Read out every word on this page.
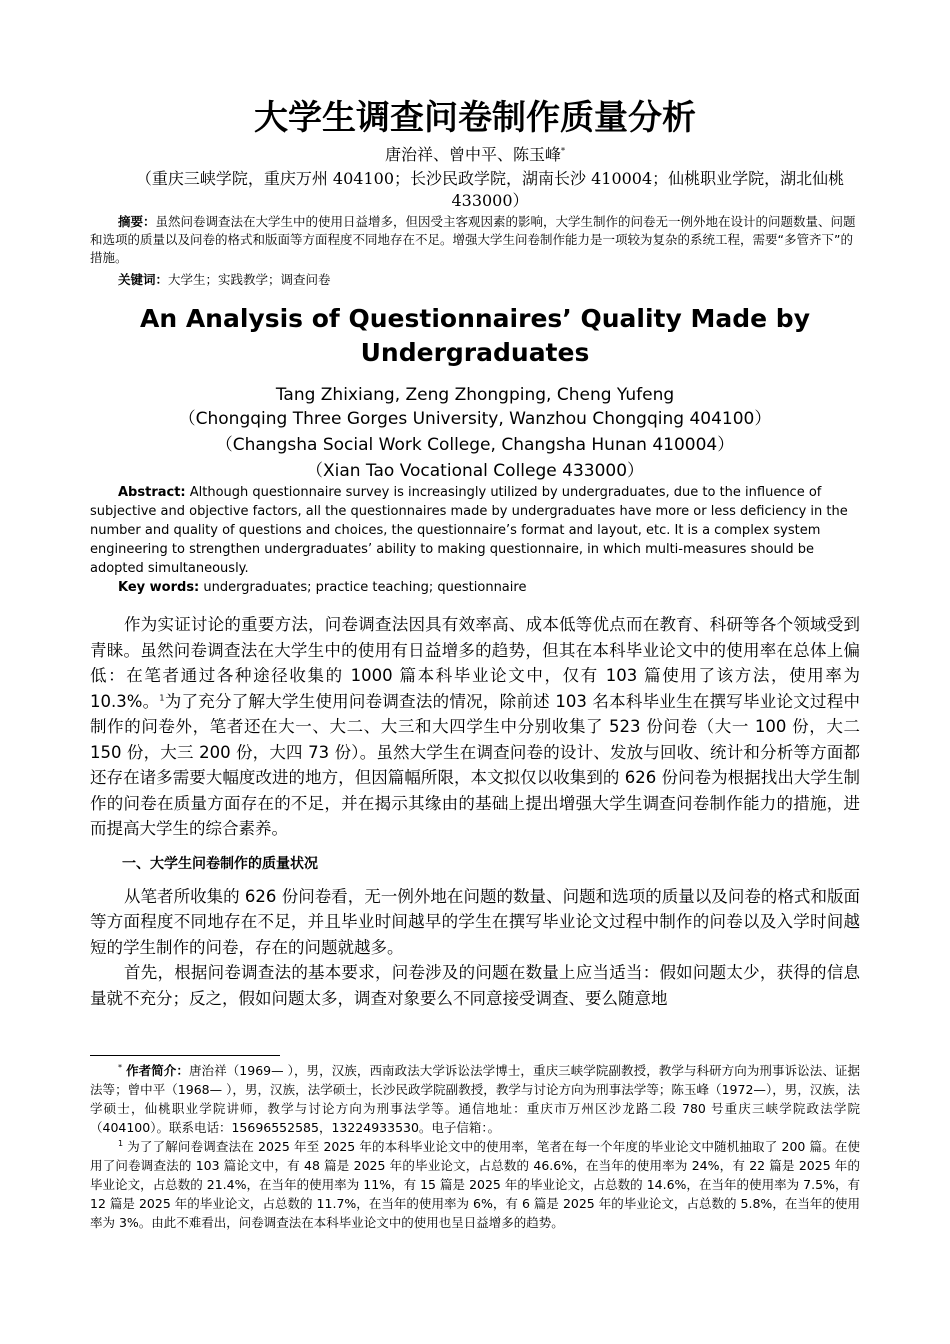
大学生调查问卷制作质量分析
唐治祥、曾中平、陈玉峰*
（重庆三峡学院，重庆万州 404100；长沙民政学院，湖南长沙 410004；仙桃职业学院，湖北仙桃 433000）
摘要：虽然问卷调查法在大学生中的使用日益增多，但因受主客观因素的影响，大学生制作的问卷无一例外地在设计的问题数量、问题和选项的质量以及问卷的格式和版面等方面程度不同地存在不足。增强大学生问卷制作能力是一项较为复杂的系统工程，需要“多管齐下”的措施。
关键词：大学生；实践教学；调查问卷
An Analysis of Questionnaires’ Quality Made by Undergraduates
Tang Zhixiang, Zeng Zhongping, Cheng Yufeng
（Chongqing Three Gorges University, Wanzhou Chongqing 404100）
（Changsha Social Work College, Changsha Hunan 410004）
（Xian Tao Vocational College 433000）
Abstract: Although questionnaire survey is increasingly utilized by undergraduates, due to the influence of subjective and objective factors, all the questionnaires made by undergraduates have more or less deficiency in the number and quality of questions and choices, the questionnaire’s format and layout, etc. It is a complex system engineering to strengthen undergraduates’ ability to making questionnaire, in which multi-measures should be adopted simultaneously.
Key words: undergraduates; practice teaching; questionnaire

作为实证讨论的重要方法，问卷调查法因具有效率高、成本低等优点而在教育、科研等各个领域受到青睐。虽然问卷调查法在大学生中的使用有日益增多的趋势，但其在本科毕业论文中的使用率在总体上偏低：在笔者通过各种途径收集的 1000 篇本科毕业论文中，仅有 103 篇使用了该方法，使用率为 10.3%。$^1$为了充分了解大学生使用问卷调查法的情况，除前述 103 名本科毕业生在撰写毕业论文过程中制作的问卷外，笔者还在大一、大二、大三和大四学生中分别收集了 523 份问卷（大一 100 份，大二 150 份，大三 200 份，大四 73 份）。虽然大学生在调查问卷的设计、发放与回收、统计和分析等方面都还存在诸多需要大幅度改进的地方，但因篇幅所限，本文拟仅以收集到的 626 份问卷为根据找出大学生制作的问卷在质量方面存在的不足，并在揭示其缘由的基础上提出增强大学生调查问卷制作能力的措施，进而提高大学生的综合素养。

一、大学生问卷制作的质量状况

从笔者所收集的 626 份问卷看，无一例外地在问题的数量、问题和选项的质量以及问卷的格式和版面等方面程度不同地存在不足，并且毕业时间越早的学生在撰写毕业论文过程中制作的问卷以及入学时间越短的学生制作的问卷，存在的问题就越多。

首先，根据问卷调查法的基本要求，问卷涉及的问题在数量上应当适当：假如问题太少，获得的信息量就不充分；反之，假如问题太多，调查对象要么不同意接受调查、要么随意地

* 作者简介：唐治祥（1969— ），男，汉族，西南政法大学诉讼法学博士，重庆三峡学院副教授，教学与科研方向为刑事诉讼法、证据法等；曾中平（1968— ），男，汉族，法学硕士，长沙民政学院副教授，教学与讨论方向为刑事法学等；陈玉峰（1972—），男，汉族，法学硕士，仙桃职业学院讲师，教学与讨论方向为刑事法学等。通信地址：重庆市万州区沙龙路二段 780 号重庆三峡学院政法学院（404100）。联系电话：15696552585，13224933530。电子信箱：。

$^1$ 为了了解问卷调查法在 2025 年至 2025 年的本科毕业论文中的使用率，笔者在每一个年度的毕业论文中随机抽取了 200 篇。在使用了问卷调查法的 103 篇论文中，有 48 篇是 2025 年的毕业论文，占总数的 46.6%，在当年的使用率为 24%，有 22 篇是 2025 年的毕业论文，占总数的 21.4%，在当年的使用率为 11%，有 15 篇是 2025 年的毕业论文，占总数的 14.6%，在当年的使用率为 7.5%，有 12 篇是 2025 年的毕业论文，占总数的 11.7%，在当年的使用率为 6%，有 6 篇是 2025 年的毕业论文，占总数的 5.8%，在当年的使用率为 3%。由此不难看出，问卷调查法在本科毕业论文中的使用也呈日益增多的趋势。
